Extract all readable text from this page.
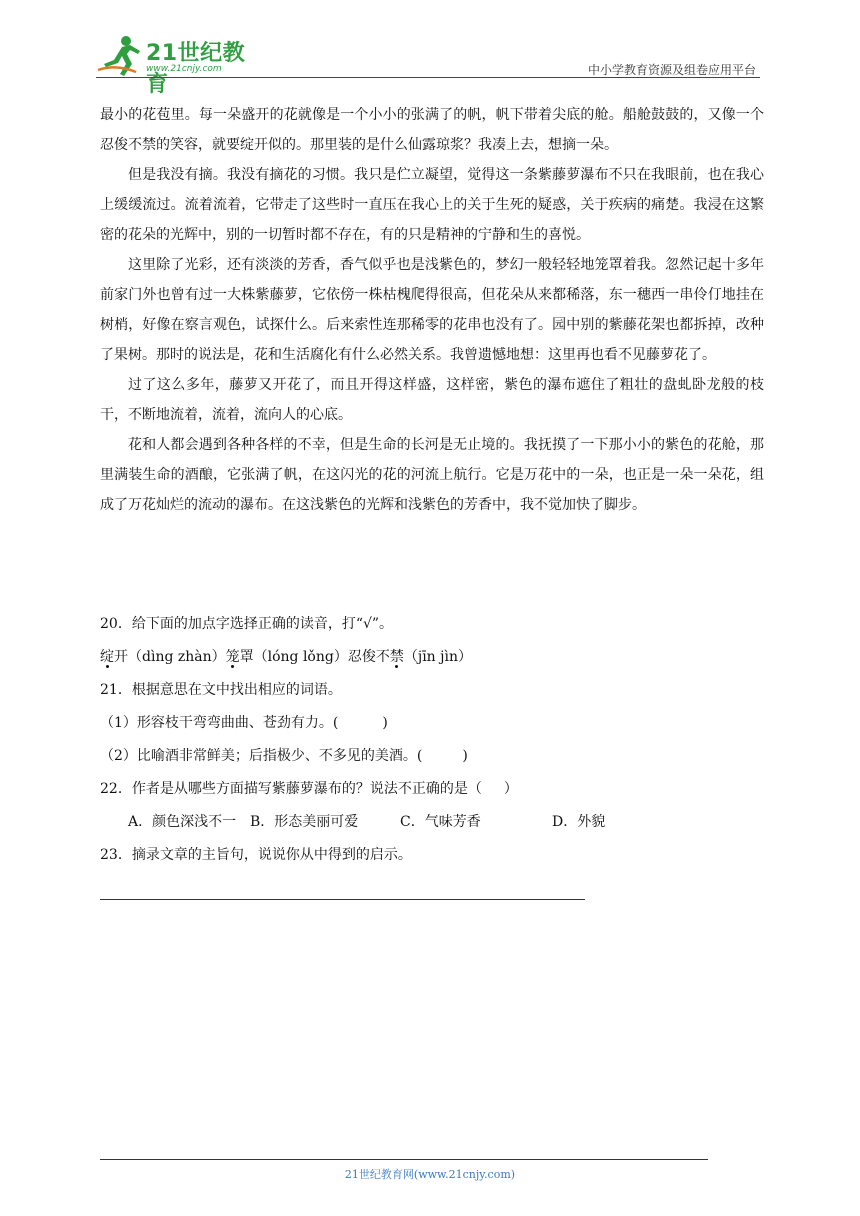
21世纪教育
www.21cnjy.com	中小学教育资源及组卷应用平台

最小的花苞里。每一朵盛开的花就像是一个小小的张满了的帆，帆下带着尖底的舱。船舱鼓鼓的，又像一个忍俊不禁的笑容，就要绽开似的。那里装的是什么仙露琼浆？我凑上去，想摘一朵。

但是我没有摘。我没有摘花的习惯。我只是伫立凝望，觉得这一条紫藤萝瀑布不只在我眼前，也在我心上缓缓流过。流着流着，它带走了这些时一直压在我心上的关于生死的疑惑，关于疾病的痛楚。我浸在这繁密的花朵的光辉中，别的一切暂时都不存在，有的只是精神的宁静和生的喜悦。

这里除了光彩，还有淡淡的芳香，香气似乎也是浅紫色的，梦幻一般轻轻地笼罩着我。忽然记起十多年前家门外也曾有过一大株紫藤萝，它依傍一株枯槐爬得很高，但花朵从来都稀落，东一穗西一串伶仃地挂在树梢，好像在察言观色，试探什么。后来索性连那稀零的花串也没有了。园中别的紫藤花架也都拆掉，改种了果树。那时的说法是，花和生活腐化有什么必然关系。我曾遗憾地想：这里再也看不见藤萝花了。

过了这么多年，藤萝又开花了，而且开得这样盛，这样密，紫色的瀑布遮住了粗壮的盘虬卧龙般的枝干，不断地流着，流着，流向人的心底。

花和人都会遇到各种各样的不幸，但是生命的长河是无止境的。我抚摸了一下那小小的紫色的花舱，那里满装生命的酒酿，它张满了帆，在这闪光的花的河流上航行。它是万花中的一朵，也正是一朵一朵花，组成了万花灿烂的流动的瀑布。在这浅紫色的光辉和浅紫色的芳香中，我不觉加快了脚步。

20．给下面的加点字选择正确的读音，打“√”。

绽开（dìng zhàn）笼罩（lóng lǒng）忍俊不禁（jīn jìn）

21．根据意思在文中找出相应的词语。

（1）形容枝干弯弯曲曲、苍劲有力。(	)

（2）比喻酒非常鲜美；后指极少、不多见的美酒。(	)

22．作者是从哪些方面描写紫藤萝瀑布的？说法不正确的是（ ）

A．颜色深浅不一 B．形态美丽可爱	C．气味芳香	D．外貌

23．摘录文章的主旨句，说说你从中得到的启示。

21世纪教育网(www.21cnjy.com)
